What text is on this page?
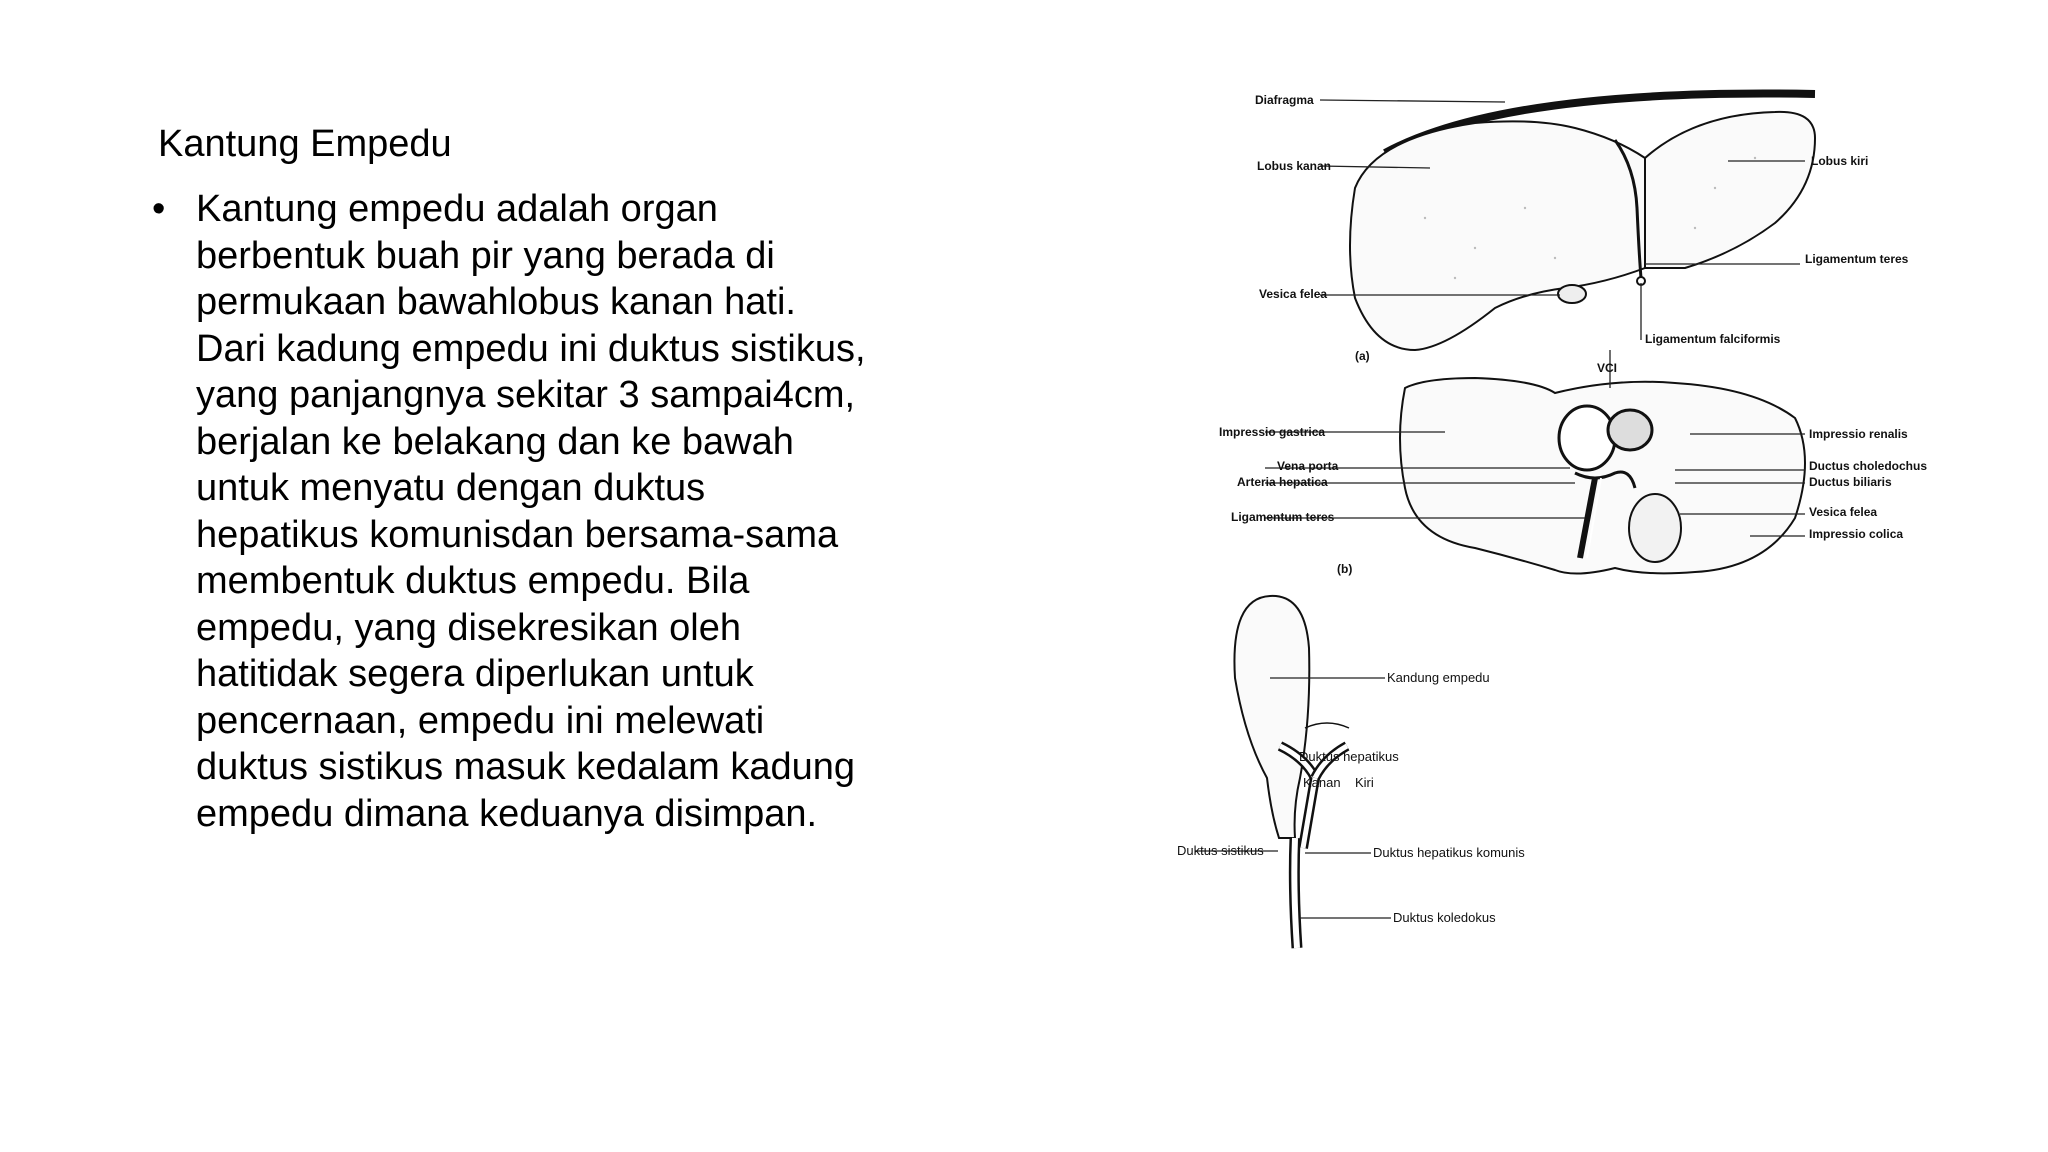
Kantung Empedu
• Kantung empedu adalah organ berbentuk buah pir yang berada di permukaan bawahlobus kanan hati. Dari kadung empedu ini duktus sistikus, yang panjangnya sekitar 3 sampai4cm, berjalan ke belakang dan ke bawah untuk menyatu dengan duktus hepatikus komunisdan bersama-sama membentuk duktus empedu. Bila empedu, yang disekresikan oleh hatitidak segera diperlukan untuk pencernaan, empedu ini melewati duktus sistikus masuk kedalam kadung empedu dimana keduanya disimpan.

Diafragma
Lobus kanan	Lobus kiri
Ligamentum teres
Vesica felea
Ligamentum falciformis
(a)
VCI
Impressio gastrica
Vena porta
Arteria hepatica
Ligamentum teres
Impressio renalis
Ductus choledochus
Ductus biliaris
Vesica felea
Impressio colica
(b)
Kandung empedu
Duktus hepatikus
Kanan Kiri
Duktus sistikus	Duktus hepatikus komunis
Duktus koledokus
